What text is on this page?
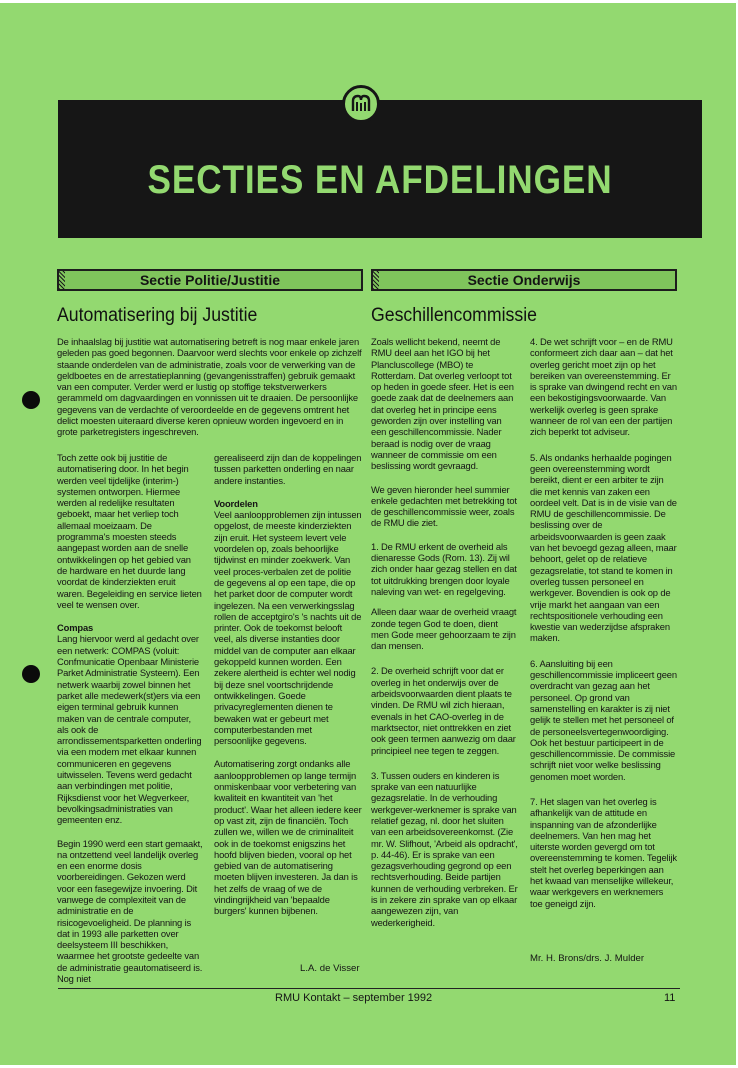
SECTIES EN AFDELINGEN
Sectie Politie/Justitie	Sectie Onderwijs
Automatisering bij Justitie	Geschillencommissie

De inhaalslag bij justitie wat automatisering betreft is nog maar enkele jaren geleden pas goed begonnen. Daarvoor werd slechts voor enkele op zichzelf staande onderdelen van de administratie, zoals voor de verwerking van de geldboetes en de arrestatieplanning (gevangenisstraffen) gebruik gemaakt van een computer. Verder werd er lustig op stoffige tekstverwerkers gerammeld om dagvaardingen en vonnissen uit te draaien. De persoonlijke gegevens van de verdachte of veroordeelde en de gegevens omtrent het delict moesten uiteraard diverse keren opnieuw worden ingevoerd en in grote parketregisters ingeschreven.

Toch zette ook bij justitie de automatisering door. In het begin werden veel tijdelijke (interim-) systemen ontworpen. Hiermee werden al redelijke resultaten geboekt, maar het verliep toch allemaal moeizaam. De programma's moesten steeds aangepast worden aan de snelle ontwikkelingen op het gebied van de hardware en het duurde lang voordat de kinderziekten eruit waren. Begeleiding en service lieten veel te wensen over.

Compas
Lang hiervoor werd al gedacht over een netwerk: COMPAS (voluit: Confmunicatie Openbaar Ministerie Parket Administratie Systeem). Een netwerk waarbij zowel binnen het parket alle medewerk(st)ers via een eigen terminal gebruik kunnen maken van de centrale computer, als ook de arrondissementsparketten onderling via een modem met elkaar kunnen communiceren en gegevens uitwisselen. Tevens werd gedacht aan verbindingen met politie, Rijksdienst voor het Wegverkeer, bevolkingsadministraties van gemeenten enz.

Begin 1990 werd een start gemaakt, na ontzettend veel landelijk overleg en een enorme dosis voorbereidingen. Gekozen werd voor een fasegewijze invoering. Dit vanwege de complexiteit van de administratie en de risicogevoeligheid. De planning is dat in 1993 alle parketten over deelsysteem III beschikken, waarmee het grootste gedeelte van de administratie geautomatiseerd is. Nog niet

gerealiseerd zijn dan de koppelingen tussen parketten onderling en naar andere instanties.

Voordelen
Veel aanloopproblemen zijn intussen opgelost, de meeste kinderziekten zijn eruit. Het systeem levert vele voordelen op, zoals behoorlijke tijdwinst en minder zoekwerk. Van veel proces-verbalen zet de politie de gegevens al op een tape, die op het parket door de computer wordt ingelezen. Na een verwerkingsslag rollen de acceptgiro's 's nachts uit de printer. Ook de toekomst belooft veel, als diverse instanties door middel van de computer aan elkaar gekoppeld kunnen worden. Een zekere alertheid is echter wel nodig bij deze snel voortschrijdende ontwikkelingen. Goede privacyreglementen dienen te bewaken wat er gebeurt met computerbestanden met persoonlijke gegevens.

Automatisering zorgt ondanks alle aanloopproblemen op lange termijn onmiskenbaar voor verbetering van kwaliteit en kwantiteit van 'het product'. Waar het alleen iedere keer op vast zit, zijn de financiën. Toch zullen we, willen we de criminaliteit ook in de toekomst enigszins het hoofd blijven bieden, vooral op het gebied van de automatisering moeten blijven investeren. Ja dan is het zelfs de vraag of we de vindingrijkheid van 'bepaalde burgers' kunnen bijbenen.

L.A. de Visser

Zoals wellicht bekend, neemt de RMU deel aan het IGO bij het Plancluscollege (MBO) te Rotterdam. Dat overleg verloopt tot op heden in goede sfeer. Het is een goede zaak dat de deelnemers aan dat overleg het in principe eens geworden zijn over instelling van een geschillencommissie. Nader beraad is nodig over de vraag wanneer de commissie om een beslissing wordt gevraagd.

We geven hieronder heel summier enkele gedachten met betrekking tot de geschillencommissie weer, zoals de RMU die ziet.

1. De RMU erkent de overheid als dienaresse Gods (Rom. 13). Zij wil zich onder haar gezag stellen en dat tot uitdrukking brengen door loyale naleving van wet- en regelgeving.

Alleen daar waar de overheid vraagt zonde tegen God te doen, dient men Gode meer gehoorzaam te zijn dan mensen.

2. De overheid schrijft voor dat er overleg in het onderwijs over de arbeidsvoorwaarden dient plaats te vinden. De RMU wil zich hieraan, evenals in het CAO-overleg in de marktsector, niet onttrekken en ziet ook geen termen aanwezig om daar principieel nee tegen te zeggen.

3. Tussen ouders en kinderen is sprake van een natuurlijke gezagsrelatie. In de verhouding werkgever-werknemer is sprake van relatief gezag, nl. door het sluiten van een arbeidsovereenkomst. (Zie mr. W. Slifhout, 'Arbeid als opdracht', p. 44-46). Er is sprake van een gezagsverhouding gegrond op een rechtsverhouding. Beide partijen kunnen de verhouding verbreken. Er is in zekere zin sprake van op elkaar aangewezen zijn, van wederkerigheid.

4. De wet schrijft voor – en de RMU conformeert zich daar aan – dat het overleg gericht moet zijn op het bereiken van overeenstemming. Er is sprake van dwingend recht en van een bekostigingsvoorwaarde. Van werkelijk overleg is geen sprake wanneer de rol van een der partijen zich beperkt tot adviseur.

5. Als ondanks herhaalde pogingen geen overeenstemming wordt bereikt, dient er een arbiter te zijn die met kennis van zaken een oordeel velt. Dat is in de visie van de RMU de geschillencommissie. De beslissing over de arbeidsvoorwaarden is geen zaak van het bevoegd gezag alleen, maar behoort, gelet op de relatieve gezagsrelatie, tot stand te komen in overleg tussen personeel en werkgever. Bovendien is ook op de vrije markt het aangaan van een rechtspositionele verhouding een kwestie van wederzijdse afspraken maken.

6. Aansluiting bij een geschillencommissie impliceert geen overdracht van gezag aan het personeel. Op grond van samenstelling en karakter is zij niet gelijk te stellen met het personeel of de personeelsvertegenwoordiging. Ook het bestuur participeert in de geschillencommissie. De commissie schrijft niet voor welke beslissing genomen moet worden.

7. Het slagen van het overleg is afhankelijk van de attitude en inspanning van de afzonderlijke deelnemers. Van hen mag het uiterste worden gevergd om tot overeenstemming te komen. Tegelijk stelt het overleg beperkingen aan het kwaad van menselijke willekeur, waar werkgevers en werknemers toe geneigd zijn.

Mr. H. Brons/drs. J. Mulder
RMU Kontakt – september 1992	11
